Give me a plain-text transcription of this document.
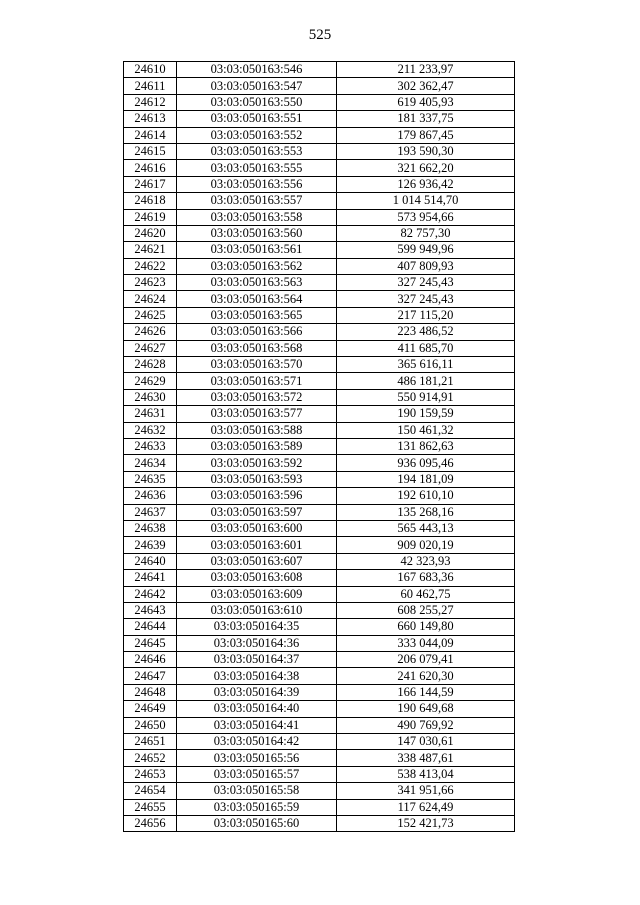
525
24610	03:03:050163:546	211 233,97
24611	03:03:050163:547	302 362,47
24612	03:03:050163:550	619 405,93
24613	03:03:050163:551	181 337,75
24614	03:03:050163:552	179 867,45
24615	03:03:050163:553	193 590,30
24616	03:03:050163:555	321 662,20
24617	03:03:050163:556	126 936,42
24618	03:03:050163:557	1 014 514,70
24619	03:03:050163:558	573 954,66
24620	03:03:050163:560	82 757,30
24621	03:03:050163:561	599 949,96
24622	03:03:050163:562	407 809,93
24623	03:03:050163:563	327 245,43
24624	03:03:050163:564	327 245,43
24625	03:03:050163:565	217 115,20
24626	03:03:050163:566	223 486,52
24627	03:03:050163:568	411 685,70
24628	03:03:050163:570	365 616,11
24629	03:03:050163:571	486 181,21
24630	03:03:050163:572	550 914,91
24631	03:03:050163:577	190 159,59
24632	03:03:050163:588	150 461,32
24633	03:03:050163:589	131 862,63
24634	03:03:050163:592	936 095,46
24635	03:03:050163:593	194 181,09
24636	03:03:050163:596	192 610,10
24637	03:03:050163:597	135 268,16
24638	03:03:050163:600	565 443,13
24639	03:03:050163:601	909 020,19
24640	03:03:050163:607	42 323,93
24641	03:03:050163:608	167 683,36
24642	03:03:050163:609	60 462,75
24643	03:03:050163:610	608 255,27
24644	03:03:050164:35	660 149,80
24645	03:03:050164:36	333 044,09
24646	03:03:050164:37	206 079,41
24647	03:03:050164:38	241 620,30
24648	03:03:050164:39	166 144,59
24649	03:03:050164:40	190 649,68
24650	03:03:050164:41	490 769,92
24651	03:03:050164:42	147 030,61
24652	03:03:050165:56	338 487,61
24653	03:03:050165:57	538 413,04
24654	03:03:050165:58	341 951,66
24655	03:03:050165:59	117 624,49
24656	03:03:050165:60	152 421,73
